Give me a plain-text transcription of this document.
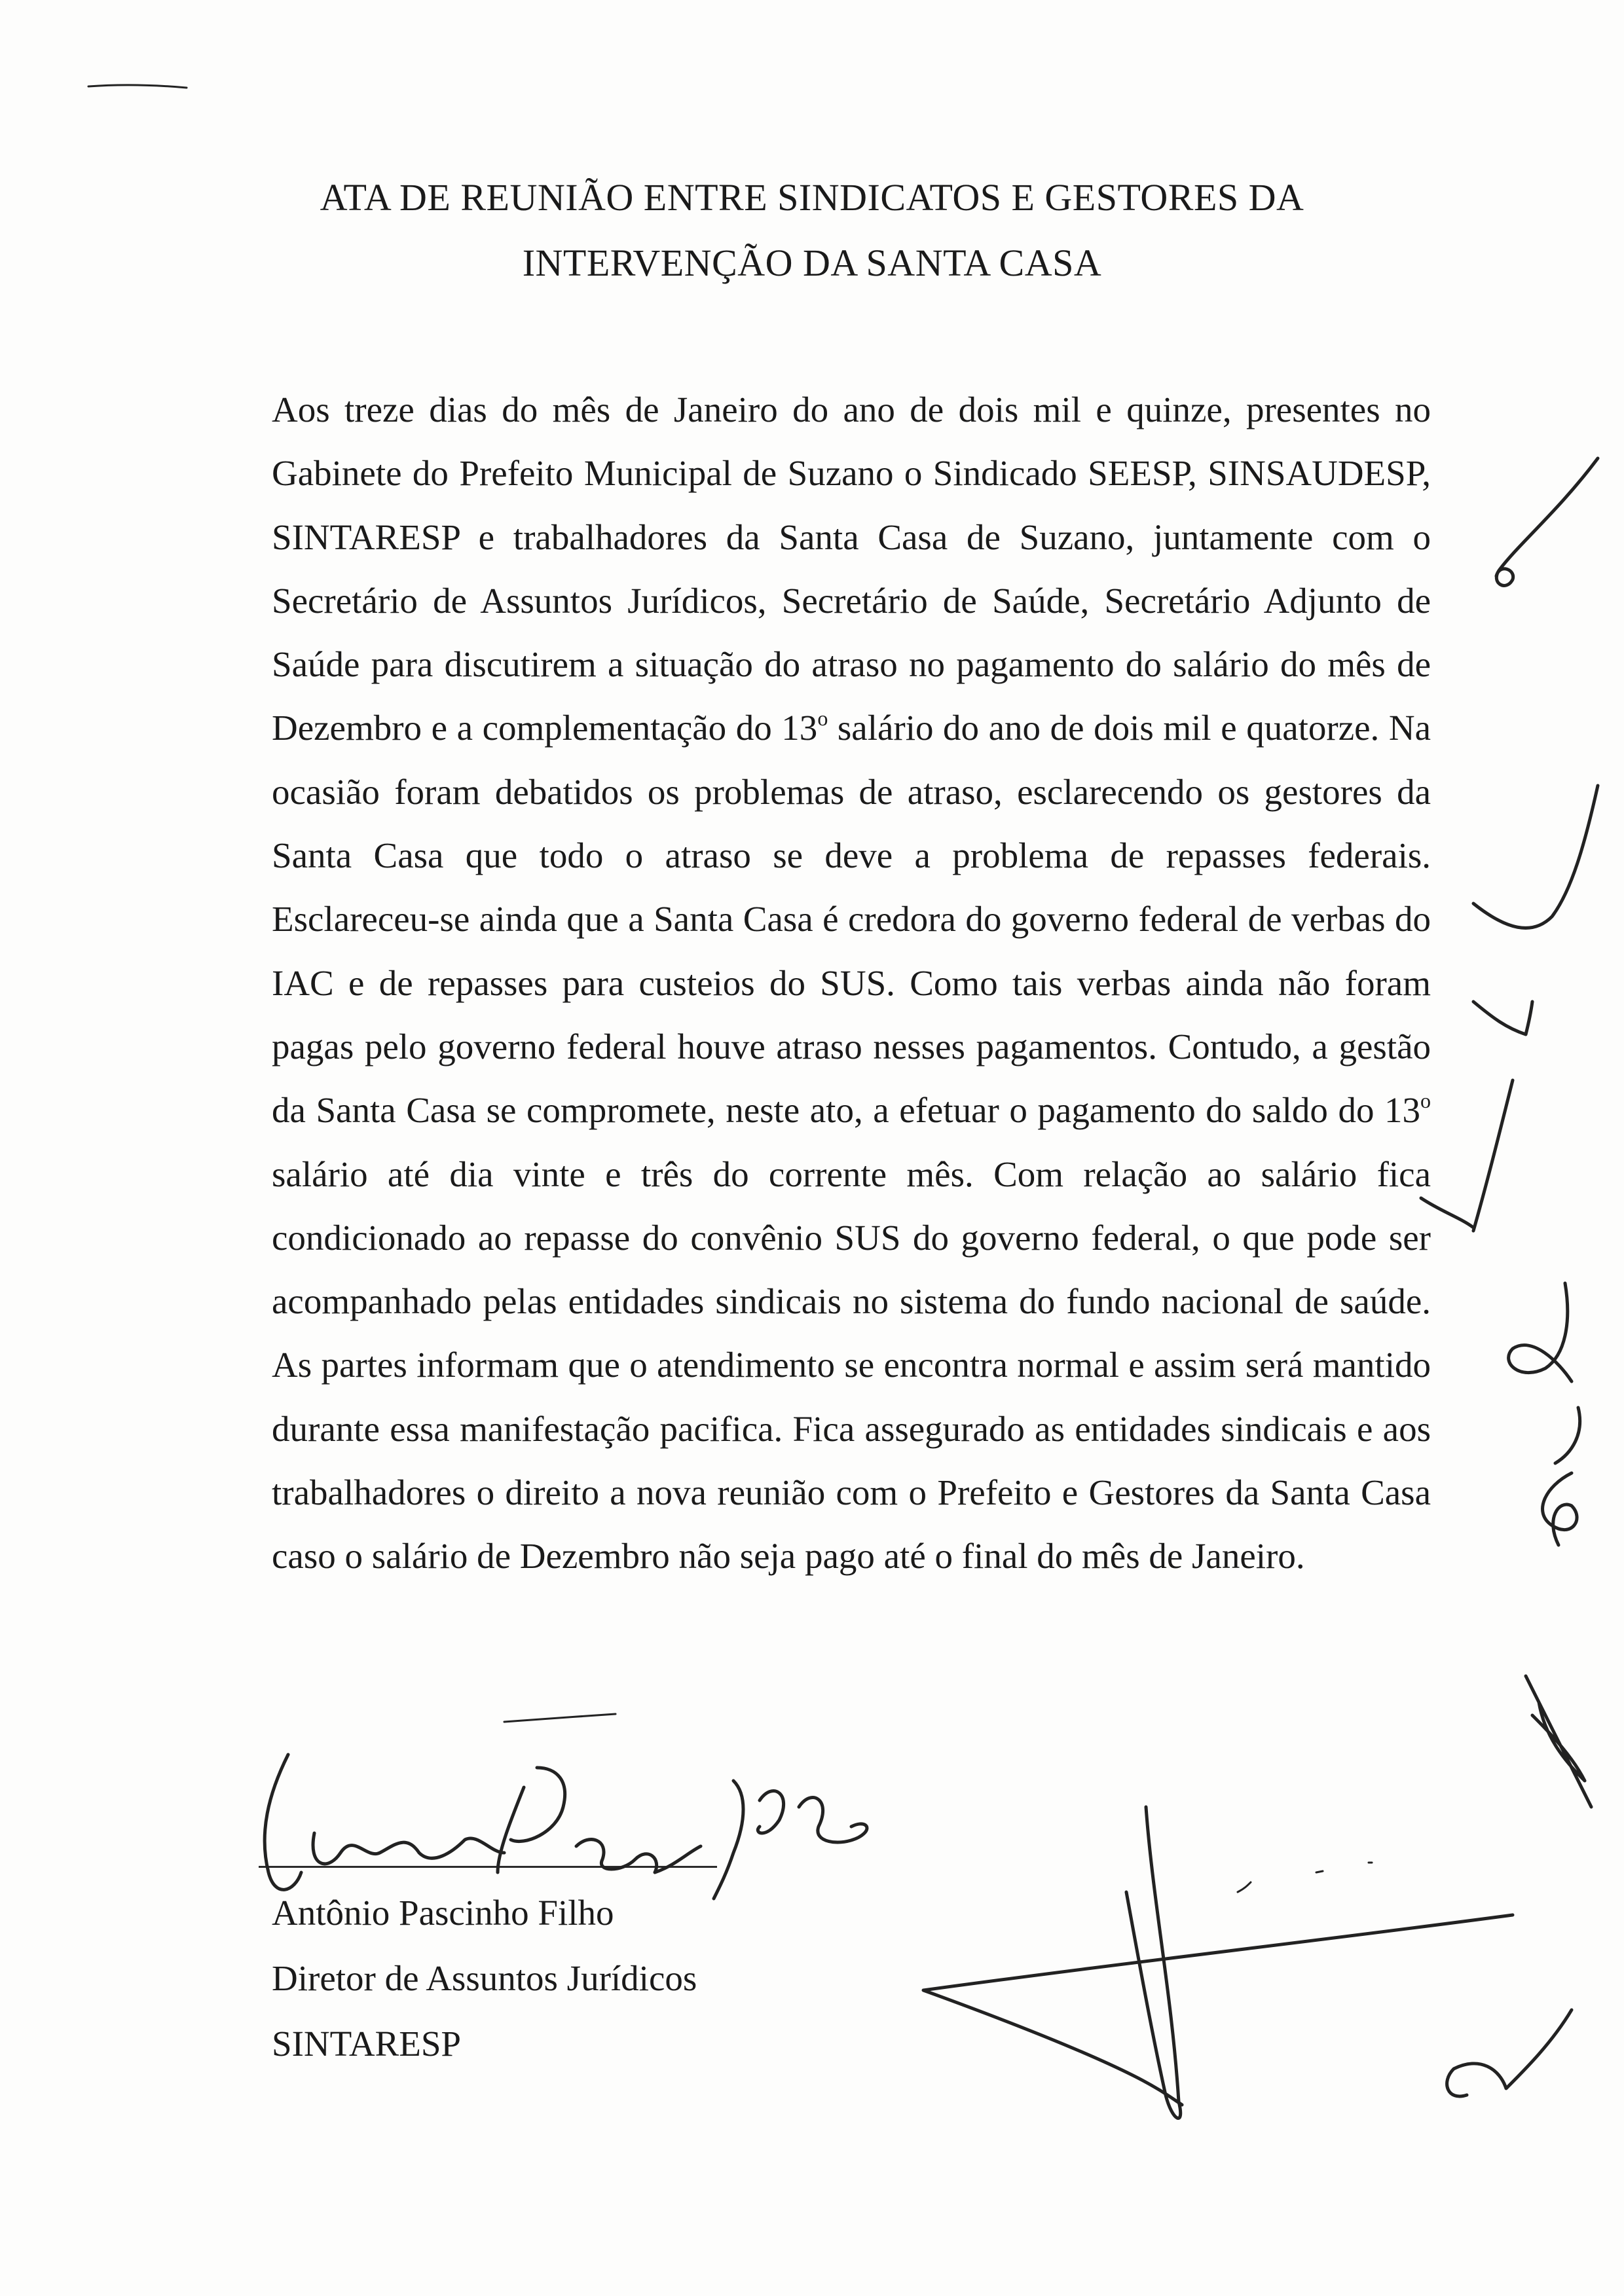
ATA DE REUNIÃO ENTRE SINDICATOS E GESTORES DA
INTERVENÇÃO DA SANTA CASA

Aos treze dias do mês de Janeiro do ano de dois mil e quinze, presentes no Gabinete do Prefeito Municipal de Suzano o Sindicado SEESP, SINSAUDESP, SINTARESP e trabalhadores da Santa Casa de Suzano, juntamente com o Secretário de Assuntos Jurídicos, Secretário de Saúde, Secretário Adjunto de Saúde para discutirem a situação do atraso no pagamento do salário do mês de Dezembro e a complementação do 13$^o$ salário do ano de dois mil e quatorze. Na ocasião foram debatidos os problemas de atraso, esclarecendo os gestores da Santa Casa que todo o atraso se deve a problema de repasses federais. Esclareceu-se ainda que a Santa Casa é credora do governo federal de verbas do IAC e de repasses para custeios do SUS. Como tais verbas ainda não foram pagas pelo governo federal houve atraso nesses pagamentos. Contudo, a gestão da Santa Casa se compromete, neste ato, a efetuar o pagamento do saldo do 13$^o$ salário até dia vinte e três do corrente mês. Com relação ao salário fica condicionado ao repasse do convênio SUS do governo federal, o que pode ser acompanhado pelas entidades sindicais no sistema do fundo nacional de saúde. As partes informam que o atendimento se encontra normal e assim será mantido durante essa manifestação pacifica. Fica assegurado as entidades sindicais e aos trabalhadores o direito a nova reunião com o Prefeito e Gestores da Santa Casa caso o salário de Dezembro não seja pago até o final do mês de Janeiro.

Antônio Pascinho Filho

Diretor de Assuntos Jurídicos

SINTARESP
